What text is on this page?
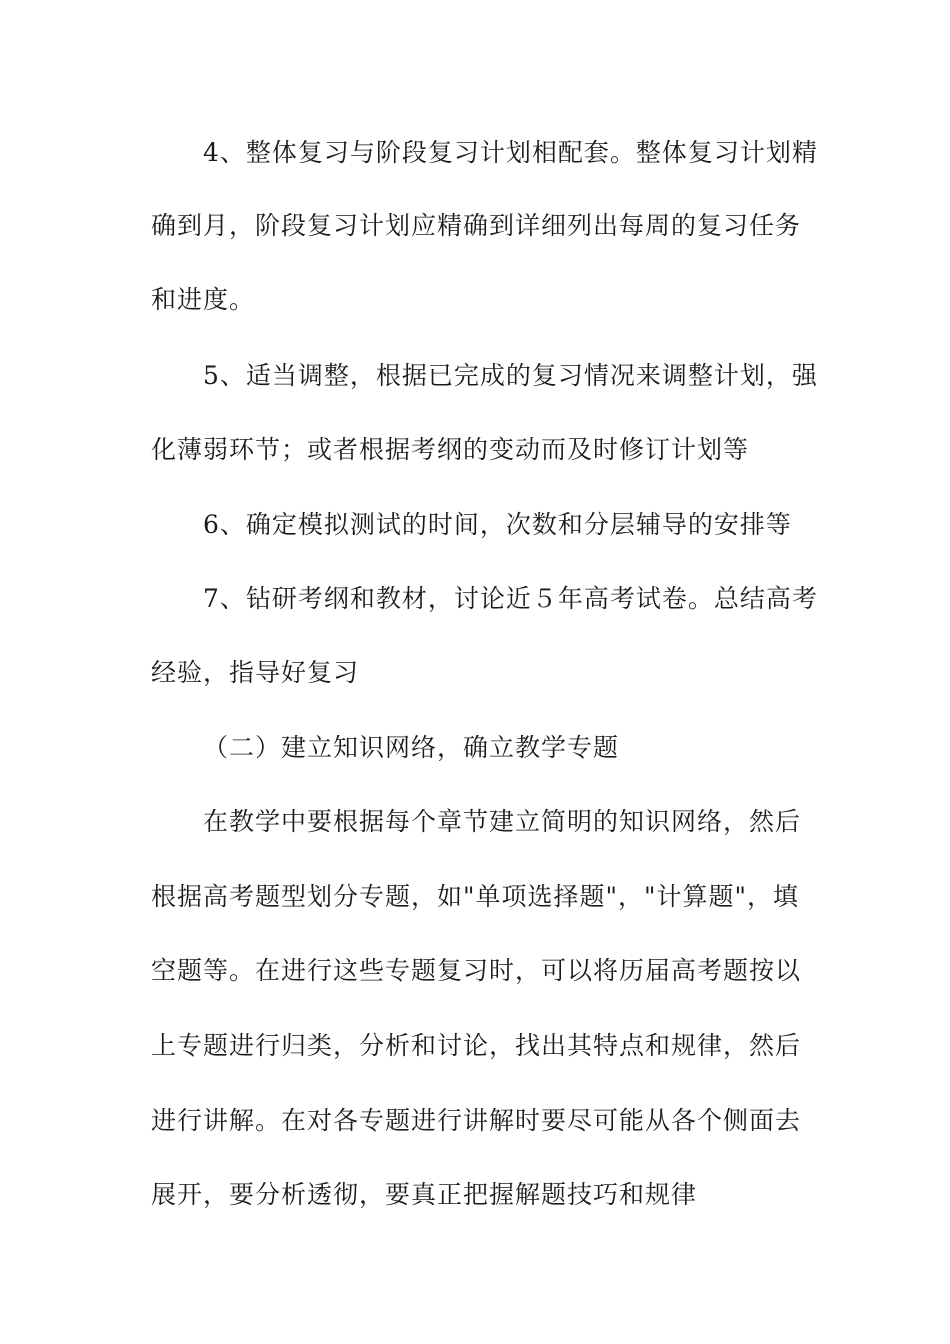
4、整体复习与阶段复习计划相配套。整体复习计划精
确到月，阶段复习计划应精确到详细列出每周的复习任务
和进度。
5、适当调整，根据已完成的复习情况来调整计划，强
化薄弱环节；或者根据考纲的变动而及时修订计划等
6、确定模拟测试的时间，次数和分层辅导的安排等
7、钻研考纲和教材，讨论近５年高考试卷。总结高考
经验，指导好复习
（二）建立知识网络，确立教学专题
在教学中要根据每个章节建立简明的知识网络，然后
根据高考题型划分专题，如"单项选择题"，"计算题"，填
空题等。在进行这些专题复习时，可以将历届高考题按以
上专题进行归类，分析和讨论，找出其特点和规律，然后
进行讲解。在对各专题进行讲解时要尽可能从各个侧面去
展开，要分析透彻，要真正把握解题技巧和规律
